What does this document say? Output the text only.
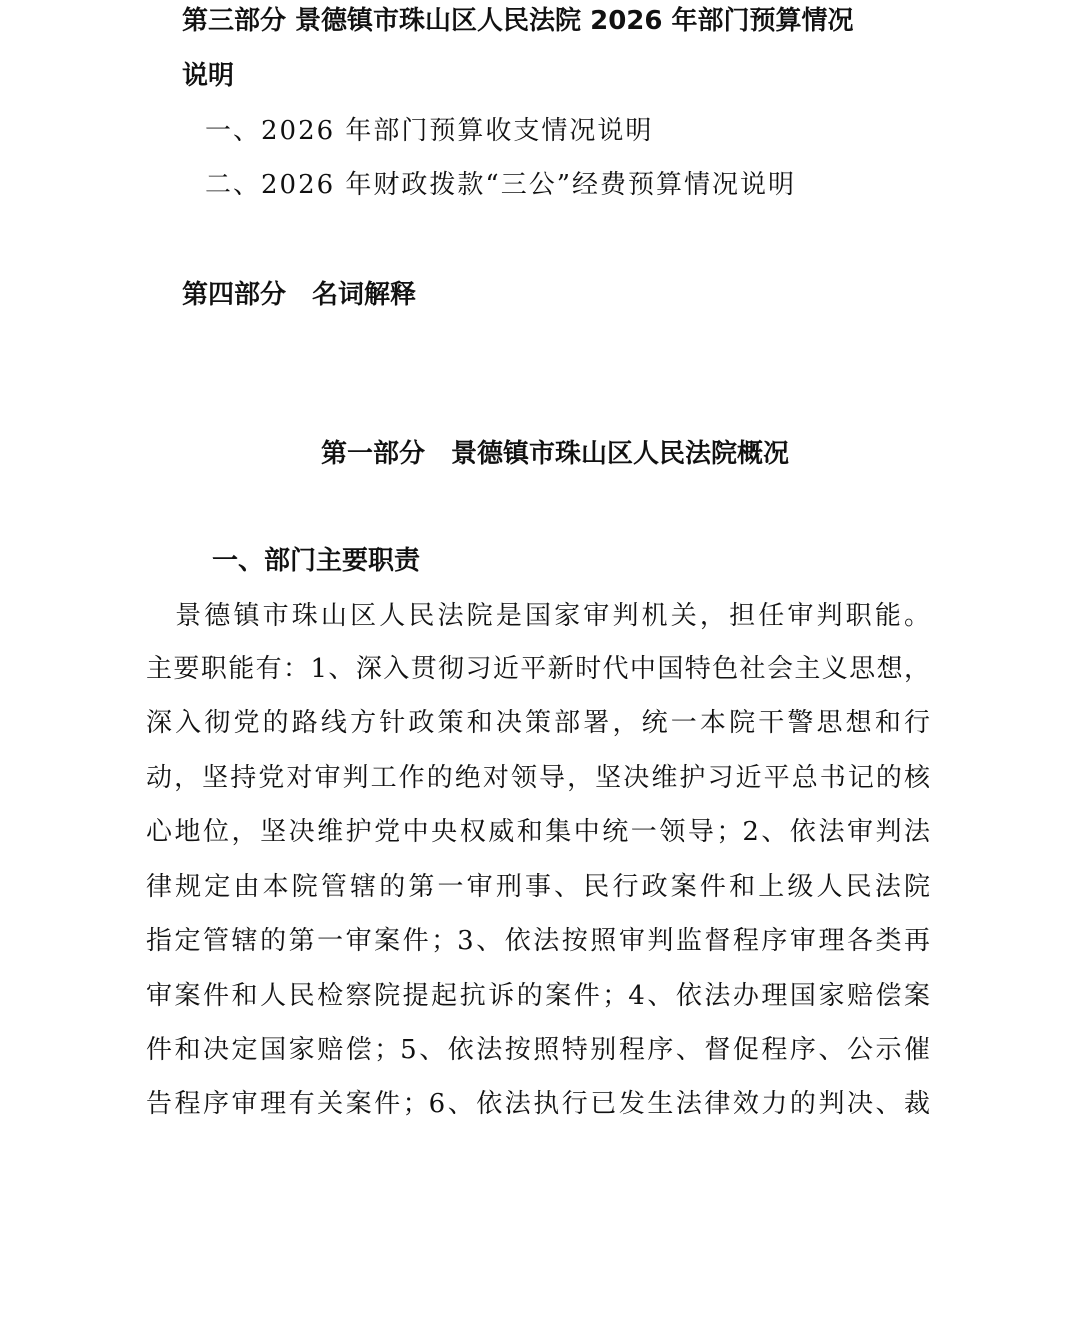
第三部分 景德镇市珠山区人民法院 2026 年部门预算情况
说明
一、2026 年部门预算收支情况说明
二、2026 年财政拨款“三公”经费预算情况说明
第四部分　名词解释
第一部分　景德镇市珠山区人民法院概况
一、部门主要职责
　景德镇市珠山区人民法院是国家审判机关，担任审判职能。
主要职能有：1、深入贯彻习近平新时代中国特色社会主义思想，
深入彻党的路线方针政策和决策部署，统一本院干警思想和行
动，坚持党对审判工作的绝对领导，坚决维护习近平总书记的核
心地位，坚决维护党中央权威和集中统一领导；2、依法审判法
律规定由本院管辖的第一审刑事、民行政案件和上级人民法院
指定管辖的第一审案件；3、依法按照审判监督程序审理各类再
审案件和人民检察院提起抗诉的案件；4、依法办理国家赔偿案
件和决定国家赔偿；5、依法按照特别程序、督促程序、公示催
告程序审理有关案件；6、依法执行已发生法律效力的判决、裁
